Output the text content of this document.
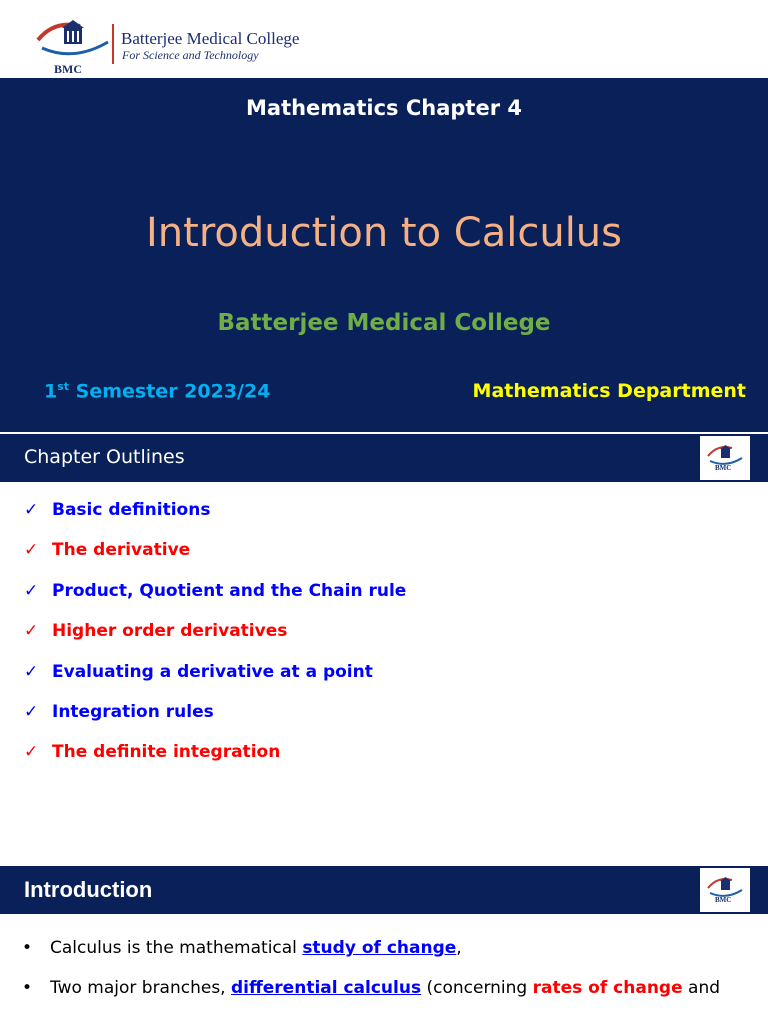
BMC
Batterjee Medical College
For Science and Technology
Mathematics Chapter 4
Introduction to Calculus
Batterjee Medical College
1st Semester 2023/24	Mathematics Department
Chapter Outlines	BMC
✓ Basic definitions
✓ The derivative
✓ Product, Quotient and the Chain rule
✓ Higher order derivatives
✓ Evaluating a derivative at a point
✓ Integration rules
✓ The definite integration
Introduction	BMC
• Calculus is the mathematical study of change,
• Two major branches, differential calculus (concerning rates of change and
